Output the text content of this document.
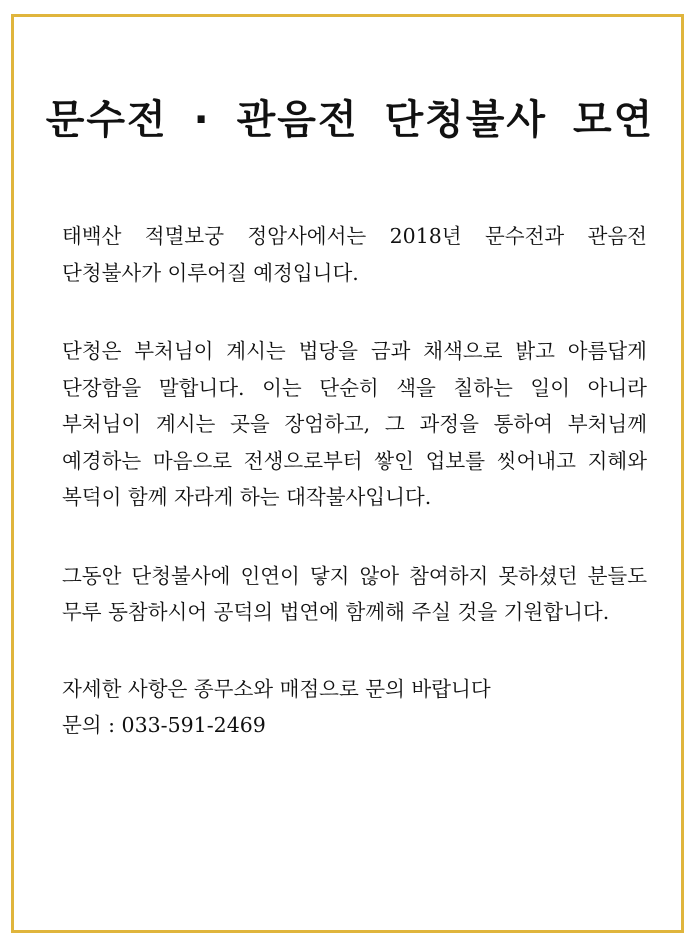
문수전 · 관음전 단청불사 모연

태백산 적멸보궁 정암사에서는 2018년 문수전과 관음전 단청불사가 이루어질 예정입니다.

단청은 부처님이 계시는 법당을 금과 채색으로 밝고 아름답게 단장함을 말합니다. 이는 단순히 색을 칠하는 일이 아니라 부처님이 계시는 곳을 장엄하고, 그 과정을 통하여 부처님께 예경하는 마음으로 전생으로부터 쌓인 업보를 씻어내고 지혜와 복덕이 함께 자라게 하는 대작불사입니다.

그동안 단청불사에 인연이 닿지 않아 참여하지 못하셨던 분들도 무루 동참하시어 공덕의 법연에 함께해 주실 것을 기원합니다.

자세한 사항은 종무소와 매점으로 문의 바랍니다
문의 : 033-591-2469
